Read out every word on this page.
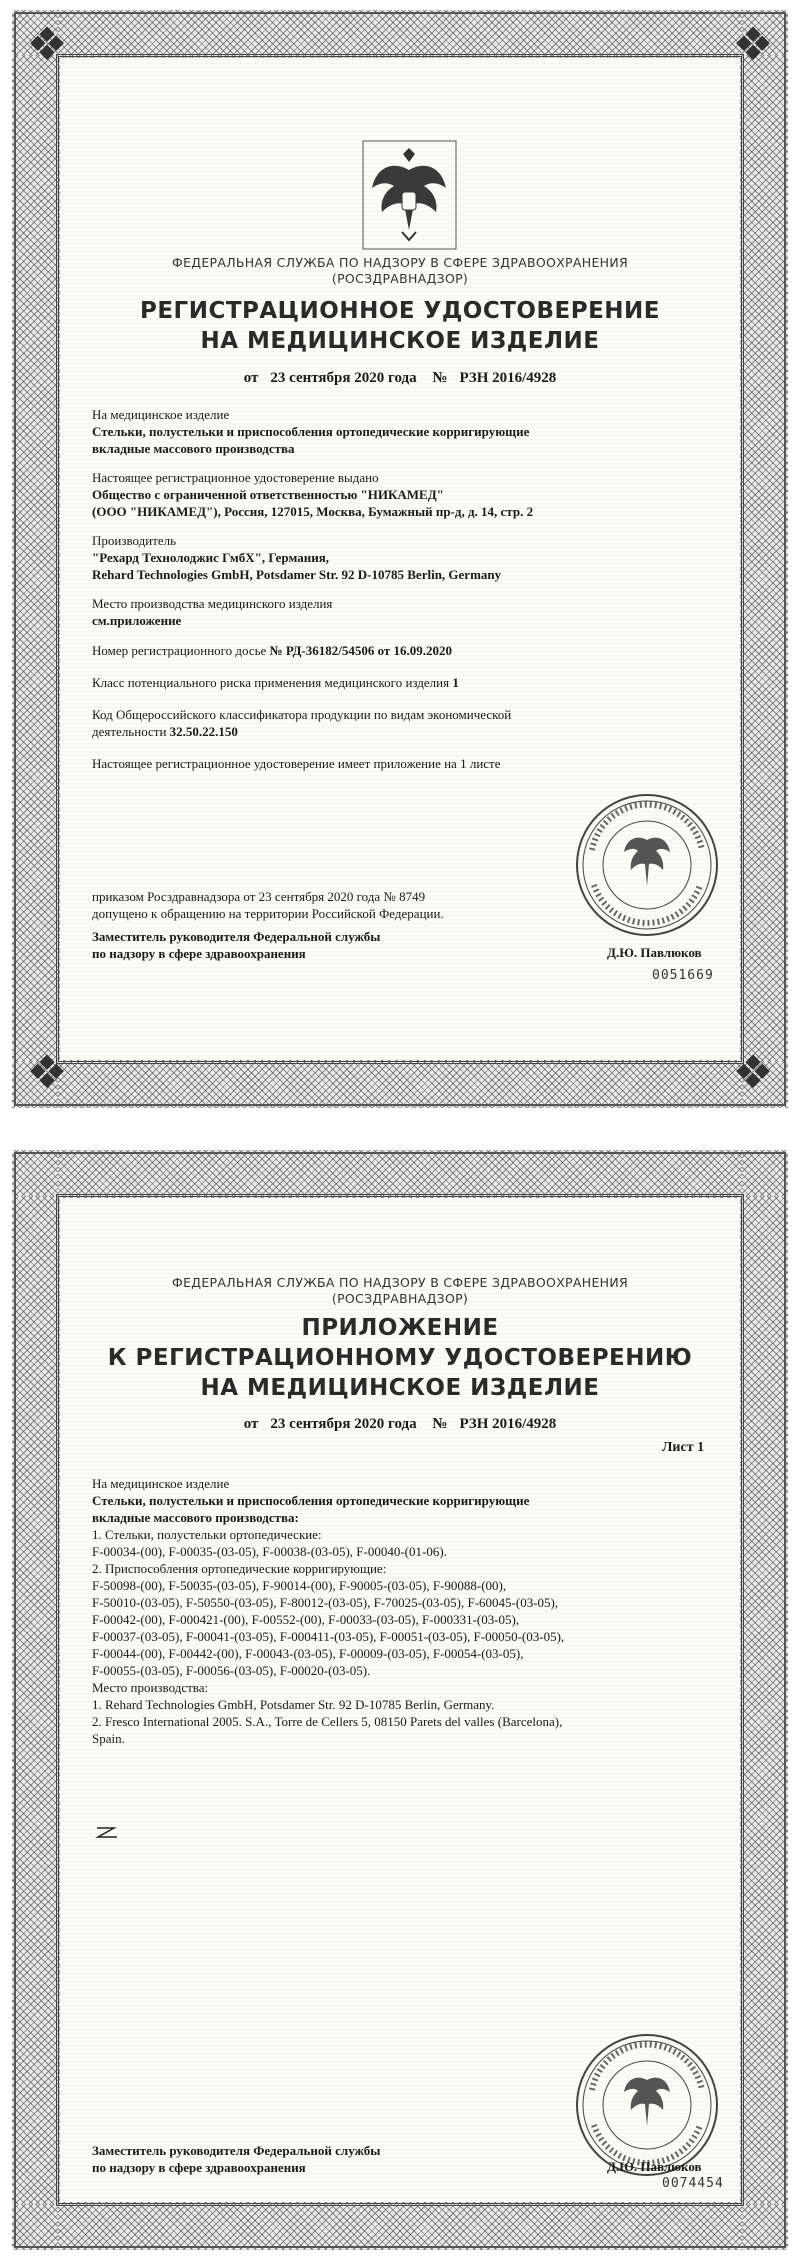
❖	❖
❖	❖
ФЕДЕРАЛЬНАЯ СЛУЖБА ПО НАДЗОРУ В СФЕРЕ ЗДРАВООХРАНЕНИЯ
(РОСЗДРАВНАДЗОР)
РЕГИСТРАЦИОННОЕ УДОСТОВЕРЕНИЕ
НА МЕДИЦИНСКОЕ ИЗДЕЛИЕ
от 23 сентября 2020 года № РЗН 2016/4928
На медицинское изделие
Стельки, полустельки и приспособления ортопедические корригирующие
вкладные массового производства
Настоящее регистрационное удостоверение выдано
Общество с ограниченной ответственностью "НИКАМЕД"
(ООО "НИКАМЕД"), Россия, 127015, Москва, Бумажный пр-д, д. 14, стр. 2
Производитель
"Рехард Технолоджис ГмбХ", Германия,
Rehard Technologies GmbH, Potsdamer Str. 92 D-10785 Berlin, Germany
Место производства медицинского изделия
см.приложение
Номер регистрационного досье № РД-36182/54506 от 16.09.2020
Класс потенциального риска применения медицинского изделия 1
Код Общероссийского классификатора продукции по видам экономической
деятельности 32.50.22.150
Настоящее регистрационное удостоверение имеет приложение на 1 листе
приказом Росздравнадзора от 23 сентября 2020 года № 8749
допущено к обращению на территории Российской Федерации.
Заместитель руководителя Федеральной службы
по надзору в сфере здравоохранения	Д.Ю. Павлюков
0051669
ФЕДЕРАЛЬНАЯ СЛУЖБА ПО НАДЗОРУ В СФЕРЕ ЗДРАВООХРАНЕНИЯ
(РОСЗДРАВНАДЗОР)
ПРИЛОЖЕНИЕ
К РЕГИСТРАЦИОННОМУ УДОСТОВЕРЕНИЮ
НА МЕДИЦИНСКОЕ ИЗДЕЛИЕ
от 23 сентября 2020 года № РЗН 2016/4928
Лист 1
На медицинское изделие
Стельки, полустельки и приспособления ортопедические корригирующие
вкладные массового производства:
1. Стельки, полустельки ортопедические:
F-00034-(00), F-00035-(03-05), F-00038-(03-05), F-00040-(01-06).
2. Приспособления ортопедические корригирующие:
F-50098-(00), F-50035-(03-05), F-90014-(00), F-90005-(03-05), F-90088-(00),
F-50010-(03-05), F-50550-(03-05), F-80012-(03-05), F-70025-(03-05), F-60045-(03-05),
F-00042-(00), F-000421-(00), F-00552-(00), F-00033-(03-05), F-000331-(03-05),
F-00037-(03-05), F-00041-(03-05), F-000411-(03-05), F-00051-(03-05), F-00050-(03-05),
F-00044-(00), F-00442-(00), F-00043-(03-05), F-00009-(03-05), F-00054-(03-05),
F-00055-(03-05), F-00056-(03-05), F-00020-(03-05).
Место производства:
1. Rehard Technologies GmbH, Potsdamer Str. 92 D-10785 Berlin, Germany.
2. Fresco International 2005. S.A., Torre de Cellers 5, 08150 Parets del valles (Barcelona),
Spain.
Заместитель руководителя Федеральной службы
по надзору в сфере здравоохранения	Д.Ю. Павлюков
0074454
